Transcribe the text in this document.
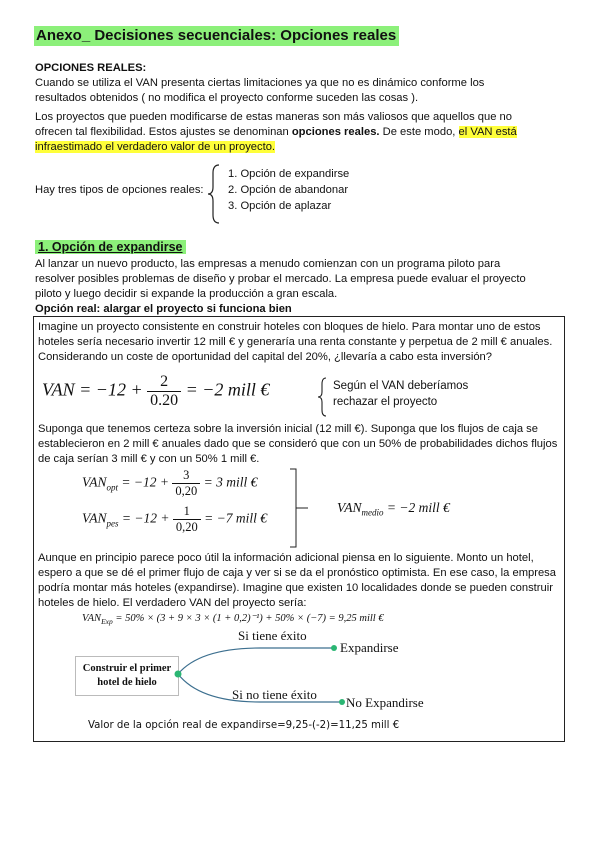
Anexo_ Decisiones secuenciales: Opciones reales
OPCIONES REALES:
Cuando se utiliza el VAN presenta ciertas limitaciones ya que no es dinámico conforme los
resultados obtenidos ( no modifica el proyecto conforme suceden las cosas ).
Los proyectos que pueden modificarse de estas maneras son más valiosos que aquellos que no
ofrecen tal flexibilidad. Estos ajustes se denominan opciones reales. De este modo, el VAN está
infraestimado el verdadero valor de un proyecto.
Hay tres tipos de opciones reales:
1. Opción de expandirse
2. Opción de abandonar
3. Opción de aplazar
1. Opción de expandirse
Al lanzar un nuevo producto, las empresas a menudo comienzan con un programa piloto para
resolver posibles problemas de diseño y probar el mercado. La empresa puede evaluar el proyecto
piloto y luego decidir si expande la producción a gran escala.
Opción real: alargar el proyecto si funciona bien
Imagine un proyecto consistente en construir hoteles con bloques de hielo. Para montar uno de estos
hoteles sería necesario invertir 12 mill € y generaría una renta constante y perpetua de 2 mill € anuales.
Considerando un coste de oportunidad del capital del 20%, ¿llevaría a cabo esta inversión?
VAN = $-12 + \frac{2}{0.20} = -2$ mill €	Según el VAN deberíamos
rechazar el proyecto
Suponga que tenemos certeza sobre la inversión inicial (12 mill €). Suponga que los flujos de caja se
establecieron en 2 mill € anuales dado que se consideró que con un 50% de probabilidades dichos flujos
de caja serían 3 mill € y con un 50% 1 mill €.
$VAN_{opt} = -12 + \frac{3}{0,20} = 3$ mill €
$VAN_{pes} = -12 + \frac{1}{0,20} = -7$ mill €
$VAN_{medio} = -2$ mill €
Aunque en principio parece poco útil la información adicional piensa en lo siguiente. Monto un hotel,
espero a que se dé el primer flujo de caja y ver si se da el pronóstico optimista. En ese caso, la empresa
podría montar más hoteles (expandirse). Imagine que existen 10 localidades donde se pueden construir
hoteles de hielo. El verdadero VAN del proyecto sería:
$VAN_{Exp} = 50\% \times (3 + 9 \times 3 \times (1 + 0,2)^{-1}) + 50\% \times (-7) = 9,25$ mill €
Construir el primer
hotel de hielo
Si tiene éxito
Expandirse
Si no tiene éxito
No Expandirse
Valor de la opción real de expandirse=9,25-(-2)=11,25 mill €
